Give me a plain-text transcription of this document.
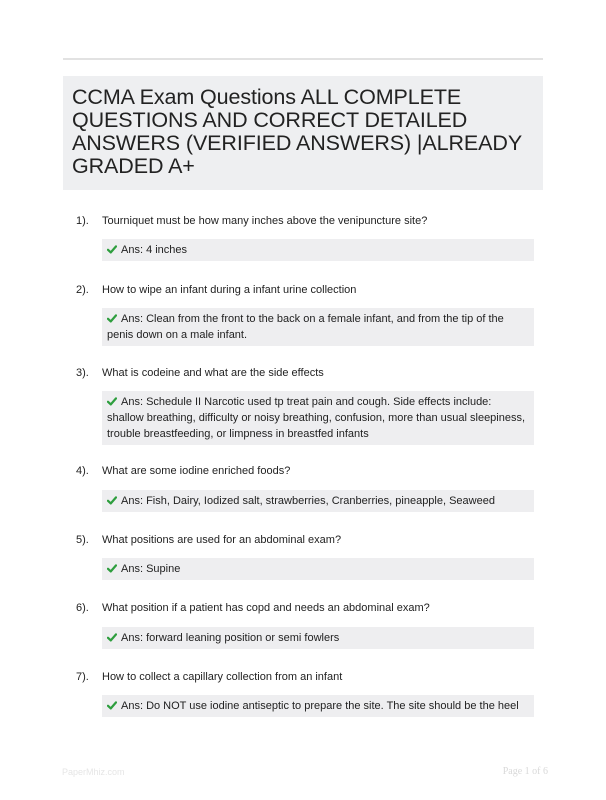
CCMA Exam Questions ALL COMPLETE QUESTIONS AND CORRECT DETAILED ANSWERS (VERIFIED ANSWERS) |ALREADY GRADED A+
1). Tourniquet must be how many inches above the venipuncture site?
Ans: 4 inches
2). How to wipe an infant during a infant urine collection
Ans: Clean from the front to the back on a female infant, and from the tip of the penis down on a male infant.
3). What is codeine and what are the side effects
Ans: Schedule II Narcotic used tp treat pain and cough. Side effects include: shallow breathing, difficulty or noisy breathing, confusion, more than usual sleepiness, trouble breastfeeding, or limpness in breastfed infants
4). What are some iodine enriched foods?
Ans: Fish, Dairy, Iodized salt, strawberries, Cranberries, pineapple, Seaweed
5). What positions are used for an abdominal exam?
Ans: Supine
6). What position if a patient has copd and needs an abdominal exam?
Ans: forward leaning position or semi fowlers
7). How to collect a capillary collection from an infant
Ans: Do NOT use iodine antiseptic to prepare the site. The site should be the heel
PaperMhiz.com	Page 1 of 6
